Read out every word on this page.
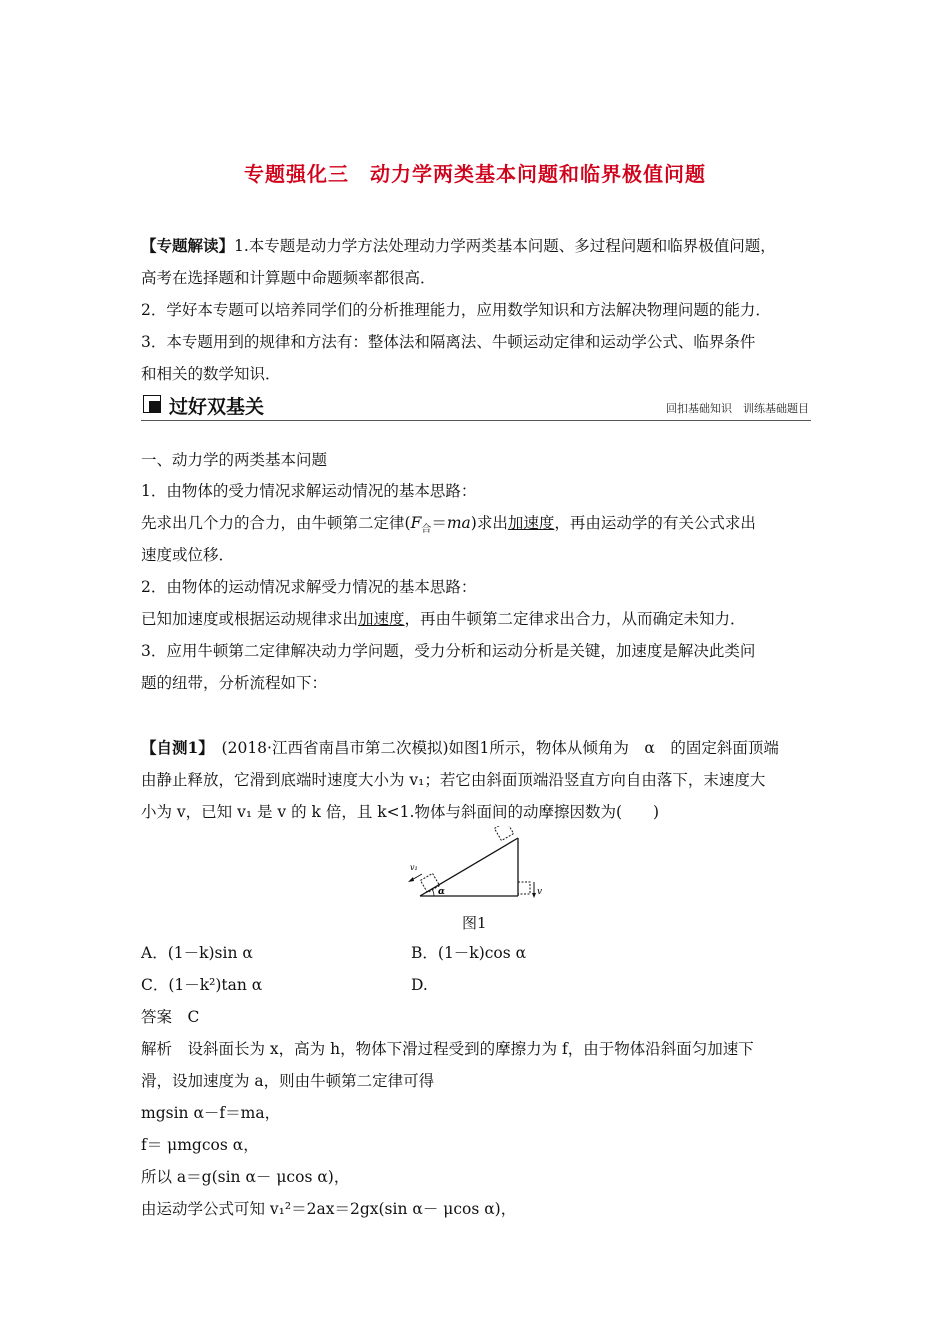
专题强化三　动力学两类基本问题和临界极值问题
【专题解读】1.本专题是动力学方法处理动力学两类基本问题、多过程问题和临界极值问题，
高考在选择题和计算题中命题频率都很高．
2．学好本专题可以培养同学们的分析推理能力，应用数学知识和方法解决物理问题的能力．
3．本专题用到的规律和方法有：整体法和隔离法、牛顿运动定律和运动学公式、临界条件
和相关的数学知识．
过好双基关	回扣基础知识　训练基础题目
一、动力学的两类基本问题
1．由物体的受力情况求解运动情况的基本思路：
先求出几个力的合力，由牛顿第二定律$(F_合=ma)$求出加速度，再由运动学的有关公式求出
速度或位移．
2．由物体的运动情况求解受力情况的基本思路：
已知加速度或根据运动规律求出加速度，再由牛顿第二定律求出合力，从而确定未知力．
3．应用牛顿第二定律解决动力学问题，受力分析和运动分析是关键，加速度是解决此类问
题的纽带，分析流程如下：
【自测1】　(2018·江西省南昌市第二次模拟)如图1所示，物体从倾角为　α　的固定斜面顶端
由静止释放，它滑到底端时速度大小为 v₁；若它由斜面顶端沿竖直方向自由落下，末速度大
小为 v，已知 v₁ 是 v 的 k 倍，且 k<1.物体与斜面间的动摩擦因数为(　　)
v₁
α	v
图1
A．(1－k)sin α	B．(1－k)cos α
C．(1－k²)tan α	D.
答案　C
解析　设斜面长为 x，高为 h，物体下滑过程受到的摩擦力为 f，由于物体沿斜面匀加速下
滑，设加速度为 a，则由牛顿第二定律可得
mgsin α－f＝ma，
f＝ μmgcos α，
所以 a＝g(sin α－ μcos α)，
由运动学公式可知 v₁²＝2ax＝2gx(sin α－ μcos α)，
